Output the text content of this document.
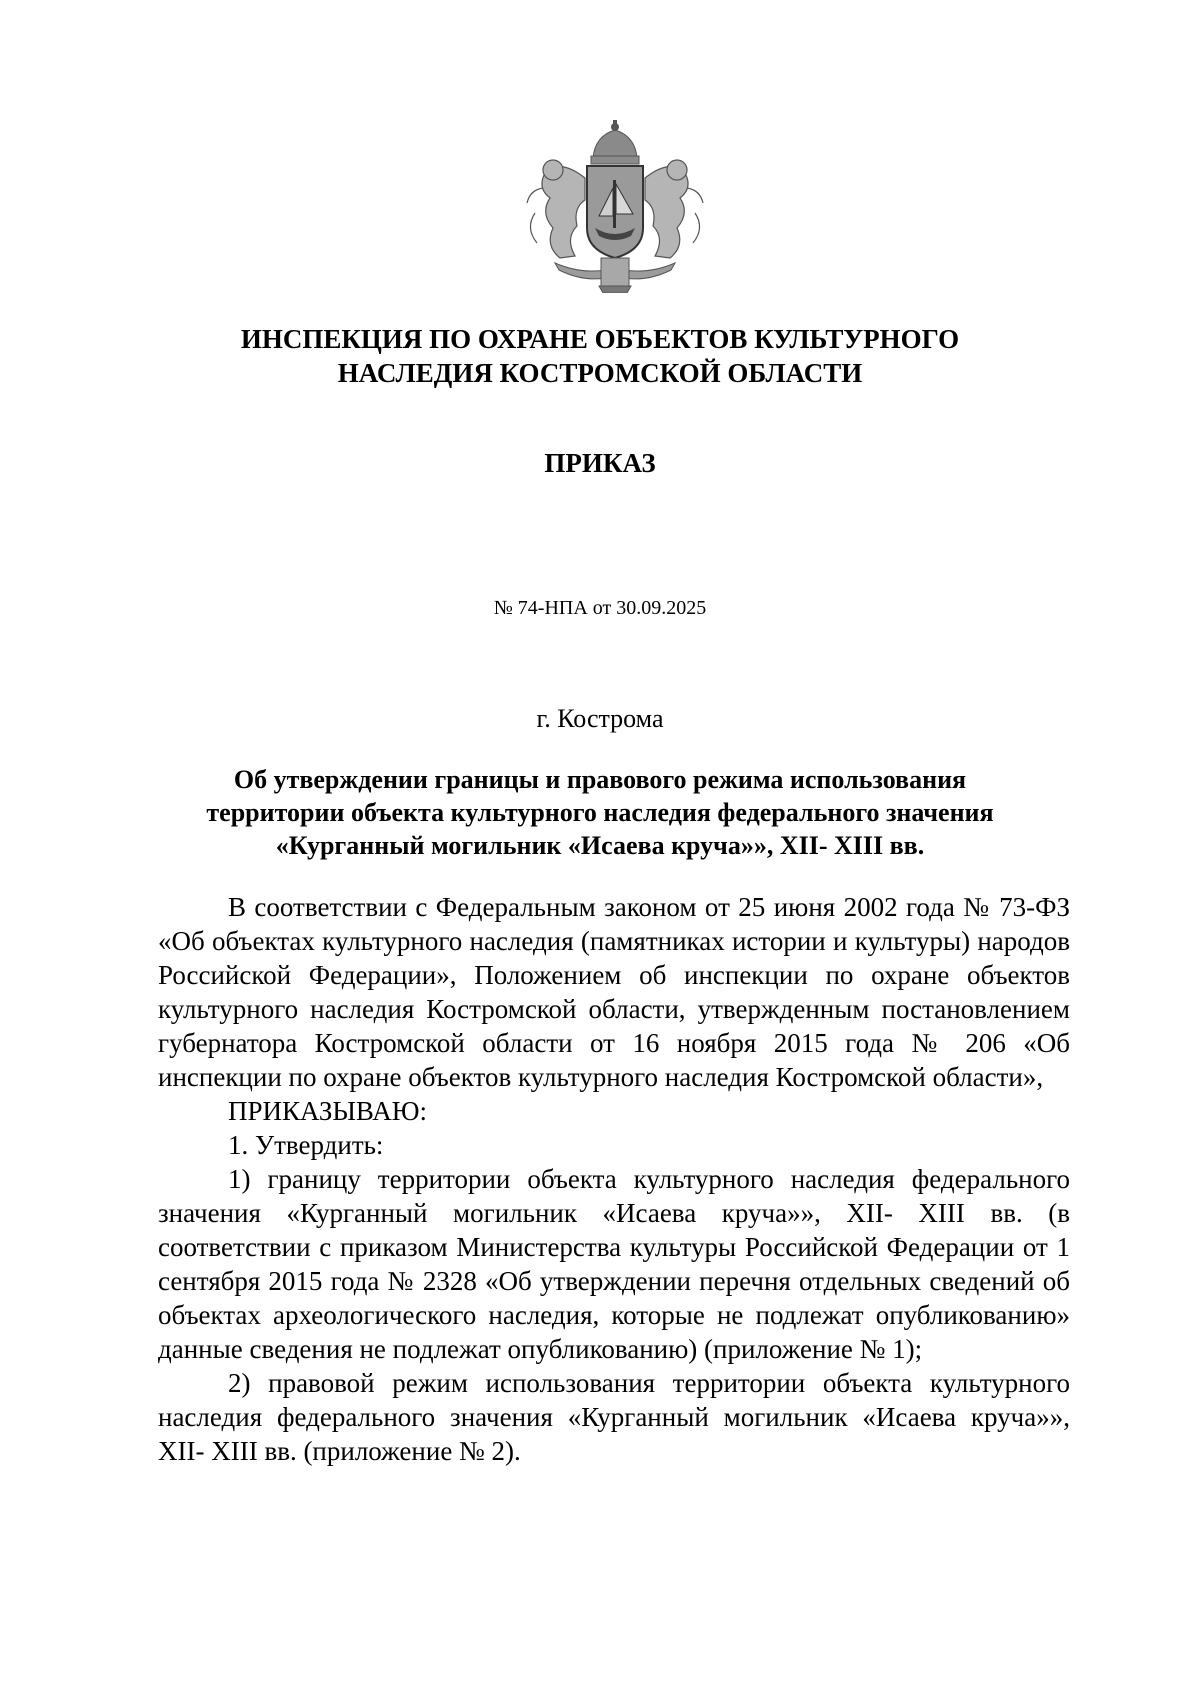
ИНСПЕКЦИЯ ПО ОХРАНЕ ОБЪЕКТОВ КУЛЬТУРНОГО
НАСЛЕДИЯ КОСТРОМСКОЙ ОБЛАСТИ
ПРИКАЗ
№ 74-НПА от 30.09.2025
г. Кострома
Об утверждении границы и правового режима использования
территории объекта культурного наследия федерального значения
«Курганный могильник «Исаева круча»», XII- XIII вв.

В соответствии с Федеральным законом от 25 июня 2002 года № 73-ФЗ «Об объектах культурного наследия (памятниках истории и культуры) народов Российской Федерации», Положением об инспекции по охране объектов культурного наследия Костромской области, утвержденным постановлением губернатора Костромской области от 16 ноября 2015 года № 206 «Об инспекции по охране объектов культурного наследия Костромской области»,

ПРИКАЗЫВАЮ:

1. Утвердить:

1) границу территории объекта культурного наследия федерального значения «Курганный могильник «Исаева круча»», XII- XIII вв. (в соответствии с приказом Министерства культуры Российской Федерации от 1 сентября 2015 года № 2328 «Об утверждении перечня отдельных сведений об объектах археологического наследия, которые не подлежат опубликованию» данные сведения не подлежат опубликованию) (приложение № 1);

2) правовой режим использования территории объекта культурного наследия федерального значения «Курганный могильник «Исаева круча»», XII- XIII вв. (приложение № 2).
